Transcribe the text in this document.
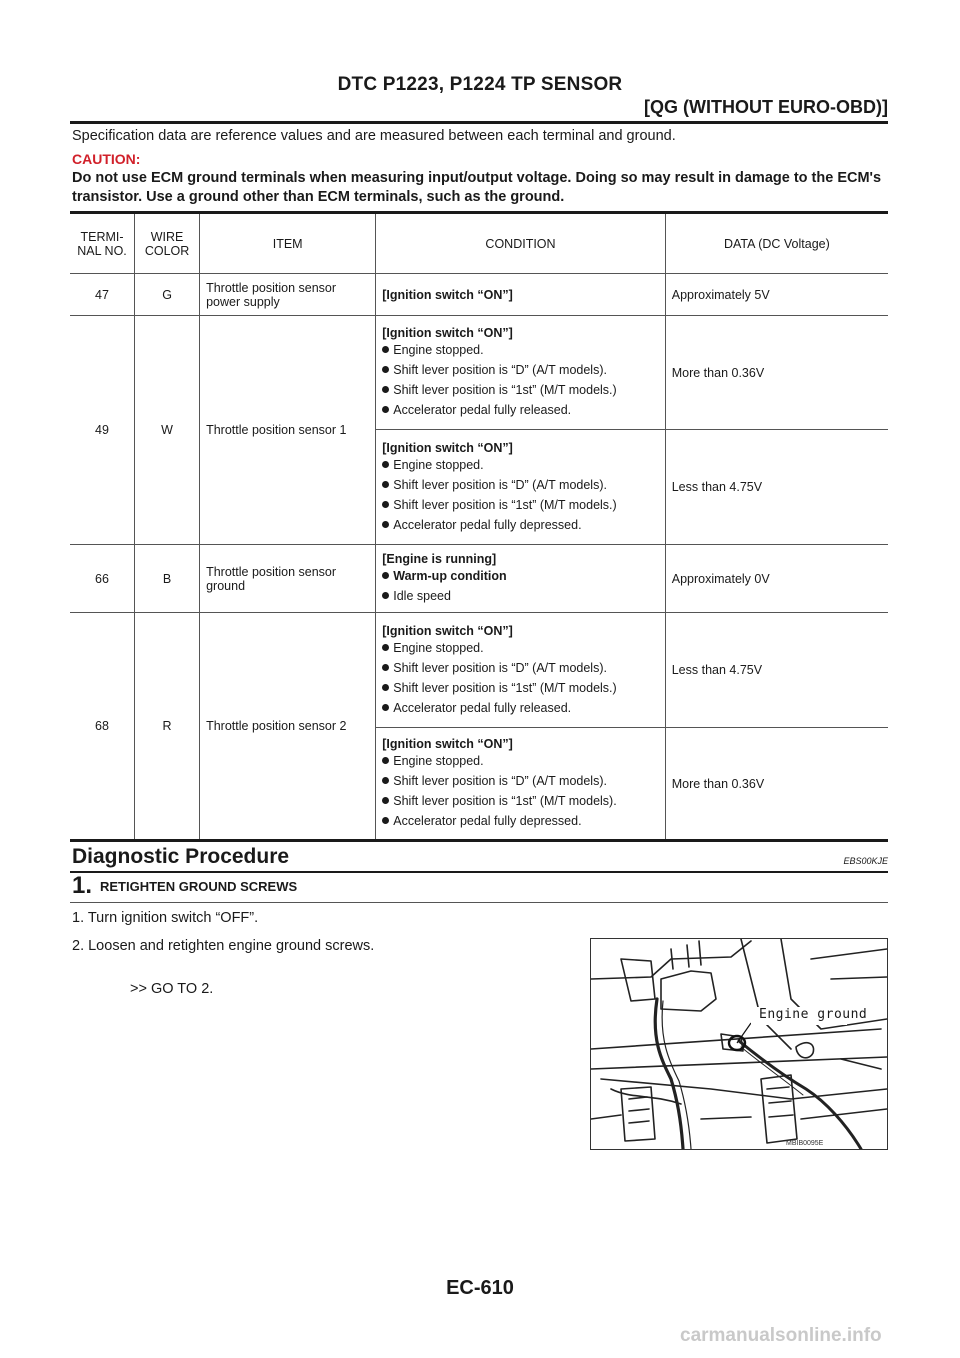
DTC P1223, P1224 TP SENSOR
[QG (WITHOUT EURO-OBD)]
Specification data are reference values and are measured between each terminal and ground.
CAUTION:
Do not use ECM ground terminals when measuring input/output voltage. Doing so may result in damage to the ECM's transistor. Use a ground other than ECM terminals, such as the ground.
TERMI-NAL NO.	WIRE COLOR	ITEM	CONDITION	DATA (DC Voltage)
47	G	Throttle position sensor power supply	[Ignition switch “ON”]	Approximately 5V
49	W	Throttle position sensor 1	[Ignition switch “ON”]
Engine stopped.
Shift lever position is “D” (A/T models).
Shift lever position is “1st” (M/T models.)
Accelerator pedal fully released.	More than 0.36V

			[Ignition switch “ON”]
Engine stopped.
Shift lever position is “D” (A/T models).
Shift lever position is “1st” (M/T models.)
Accelerator pedal fully depressed.	Less than 4.75V
66	B	Throttle position sensor ground	[Engine is running]
Warm-up condition
Idle speed	Approximately 0V
68	R	Throttle position sensor 2	[Ignition switch “ON”]
Engine stopped.
Shift lever position is “D” (A/T models).
Shift lever position is “1st” (M/T models.)
Accelerator pedal fully released.	Less than 4.75V

			[Ignition switch “ON”]
Engine stopped.
Shift lever position is “D” (A/T models).
Shift lever position is “1st” (M/T models).
Accelerator pedal fully depressed.	More than 0.36V
Diagnostic Procedure	EBS00KJE
1. RETIGHTEN GROUND SCREWS
1. Turn ignition switch “OFF”.
2. Loosen and retighten engine ground screws.
>> GO TO 2.
Engine ground
MBIB0095E
EC-610
carmanualsonline.info
